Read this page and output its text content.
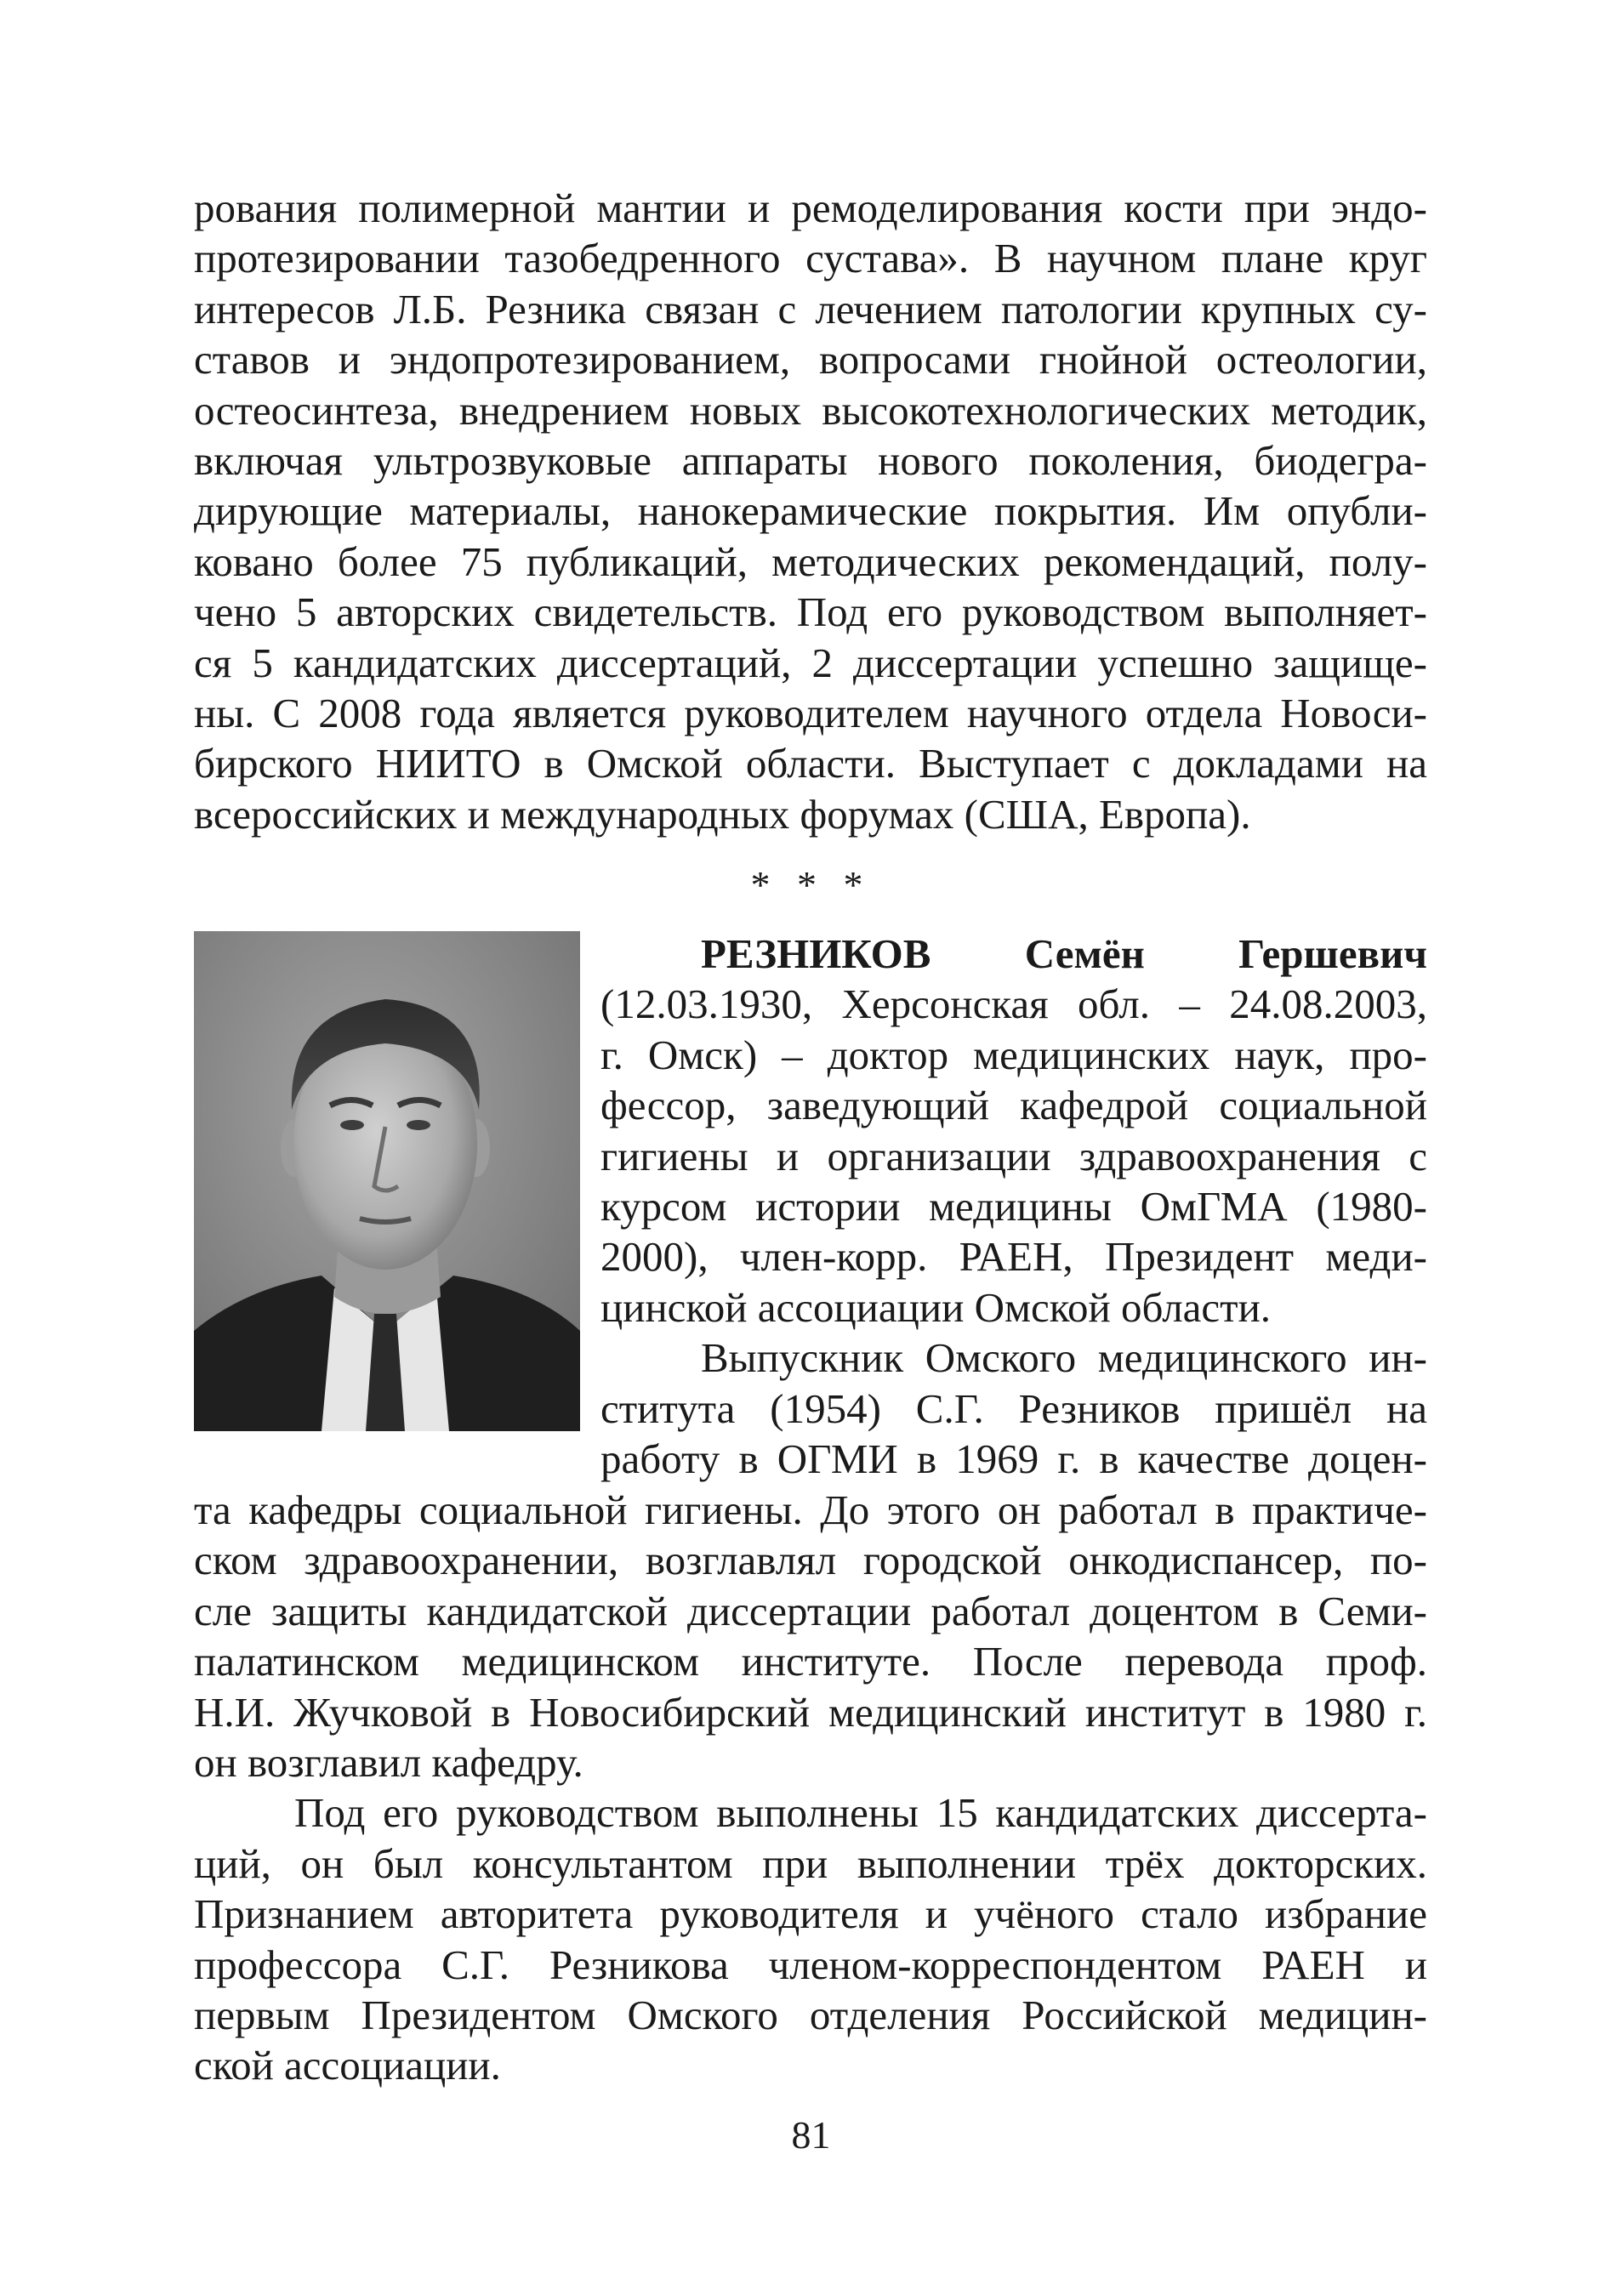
рования полимерной мантии и ремоделирования кости при эндо-
протезировании тазобедренного сустава». В научном плане круг
интересов Л.Б. Резника связан с лечением патологии крупных су-
ставов и эндопротезированием, вопросами гнойной остеологии,
остеосинтеза, внедрением новых высокотехнологических методик,
включая ультрозвуковые аппараты нового поколения, биодегра-
дирующие материалы, нанокерамические покрытия. Им опубли-
ковано более 75 публикаций, методических рекомендаций, полу-
чено 5 авторских свидетельств. Под его руководством выполняет-
ся 5 кандидатских диссертаций, 2 диссертации успешно защище-
ны. С 2008 года является руководителем научного отдела Новоси-
бирского НИИТО в Омской области. Выступает с докладами на
всероссийских и международных форумах (США, Европа).
* * *
РЕЗНИКОВ Семён Гершевич
(12.03.1930, Херсонская обл. – 24.08.2003,
г. Омск) – доктор медицинских наук, про-
фессор, заведующий кафедрой социальной
гигиены и организации здравоохранения с
курсом истории медицины ОмГМА (1980-
2000), член-корр. РАЕН, Президент меди-
цинской ассоциации Омской области.
Выпускник Омского медицинского ин-
ститута (1954) С.Г. Резников пришёл на
работу в ОГМИ в 1969 г. в качестве доцен-
та кафедры социальной гигиены. До этого он работал в практиче-
ском здравоохранении, возглавлял городской онкодиспансер, по-
сле защиты кандидатской диссертации работал доцентом в Семи-
палатинском медицинском институте. После перевода проф.
Н.И. Жучковой в Новосибирский медицинский институт в 1980 г.
он возглавил кафедру.
Под его руководством выполнены 15 кандидатских диссерта-
ций, он был консультантом при выполнении трёх докторских.
Признанием авторитета руководителя и учёного стало избрание
профессора С.Г. Резникова членом-корреспондентом РАЕН и
первым Президентом Омского отделения Российской медицин-
ской ассоциации.
81
